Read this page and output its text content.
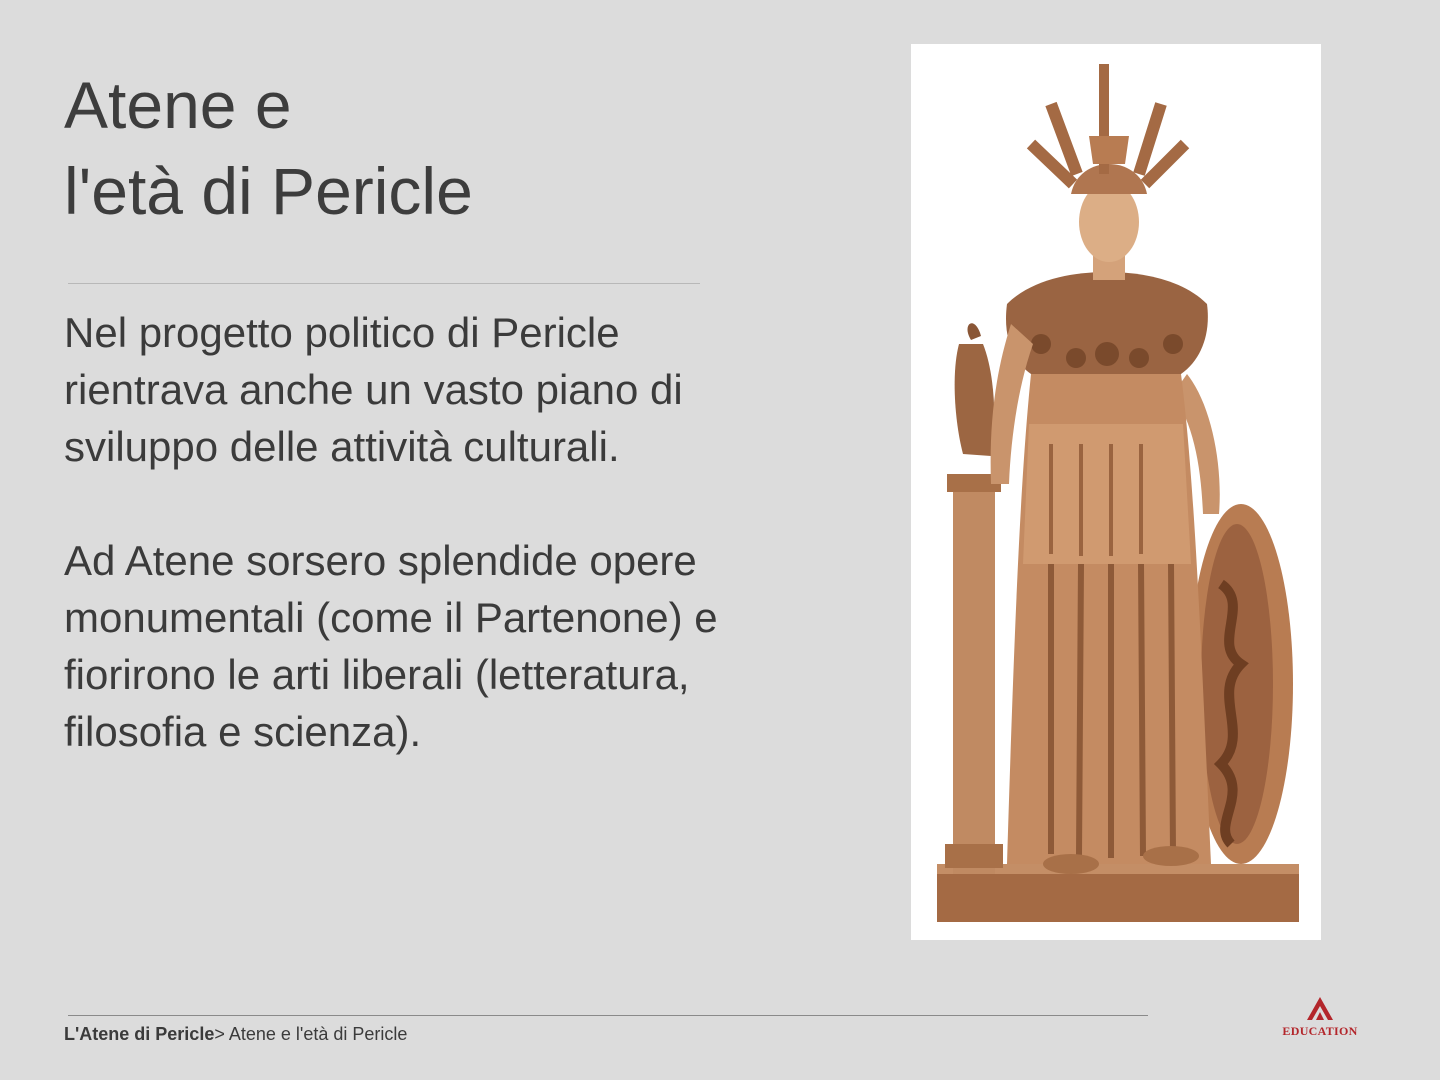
Atene e
l'età di Pericle

Nel progetto politico di Pericle rientrava anche un vasto piano di sviluppo delle attività culturali.

Ad Atene sorsero splendide opere monumentali (come il Partenone) e fiorirono le arti liberali (letteratura, filosofia e scienza).

L'Atene di Pericle> Atene e l'età di Pericle	EDUCATION
